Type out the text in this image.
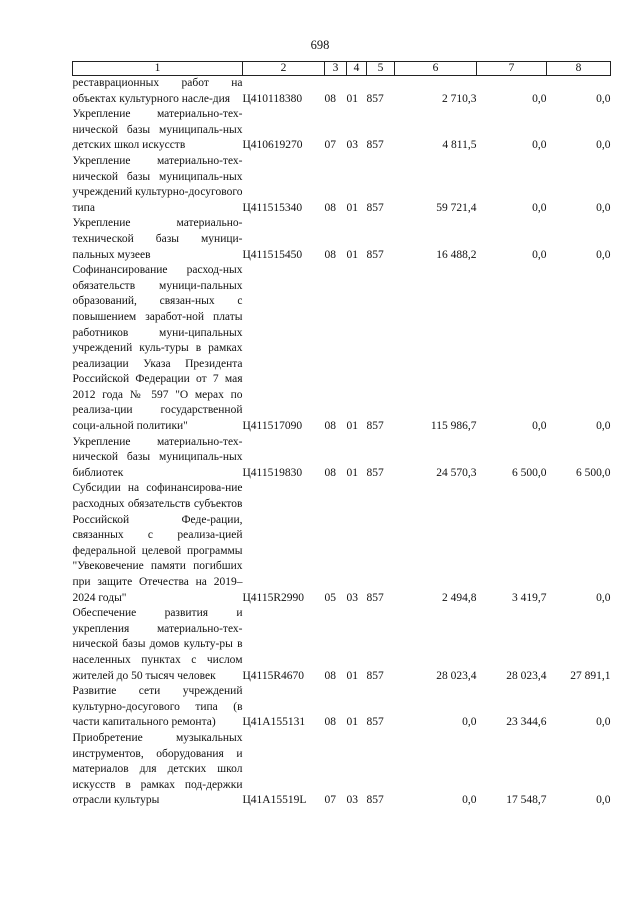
698
1	2	3	4	5	6	7	8
реставрационных работ на объектах культурного насле-дия	Ц410118380	08	01	857	2 710,3	0,0	0,0
Укрепление материально-тех-нической базы муниципаль-ных детских школ искусств	Ц410619270	07	03	857	4 811,5	0,0	0,0
Укрепление материально-тех-нической базы муниципаль-ных учреждений культурно-досугового типа	Ц411515340	08	01	857	59 721,4	0,0	0,0
Укрепление материально-технической базы муници-пальных музеев	Ц411515450	08	01	857	16 488,2	0,0	0,0
Софинансирование расход-ных обязательств муници-пальных образований, связан-ных с повышением заработ-ной платы работников муни-ципальных учреждений куль-туры в рамках реализации Указа Президента Российской Федерации от 7 мая 2012 года № 597 "О мерах по реализа-ции государственной соци-альной политики"	Ц411517090	08	01	857	115 986,7	0,0	0,0
Укрепление материально-тех-нической базы муниципаль-ных библиотек	Ц411519830	08	01	857	24 570,3	6 500,0	6 500,0
Субсидии на софинансирова-ние расходных обязательств субъектов Российской Феде-рации, связанных с реализа-цией федеральной целевой программы "Увековечение памяти погибших при защите Отечества на 2019–2024 годы"	Ц4115R2990	05	03	857	2 494,8	3 419,7	0,0
Обеспечение развития и укрепления материально-тех-нической базы домов культу-ры в населенных пунктах с числом жителей до 50 тысяч человек	Ц4115R4670	08	01	857	28 023,4	28 023,4	27 891,1
Развитие сети учреждений культурно-досугового типа (в части капитального ремонта)	Ц41А155131	08	01	857	0,0	23 344,6	0,0
Приобретение музыкальных инструментов, оборудования и материалов для детских школ искусств в рамках под-держки отрасли культуры	Ц41А15519L	07	03	857	0,0	17 548,7	0,0
